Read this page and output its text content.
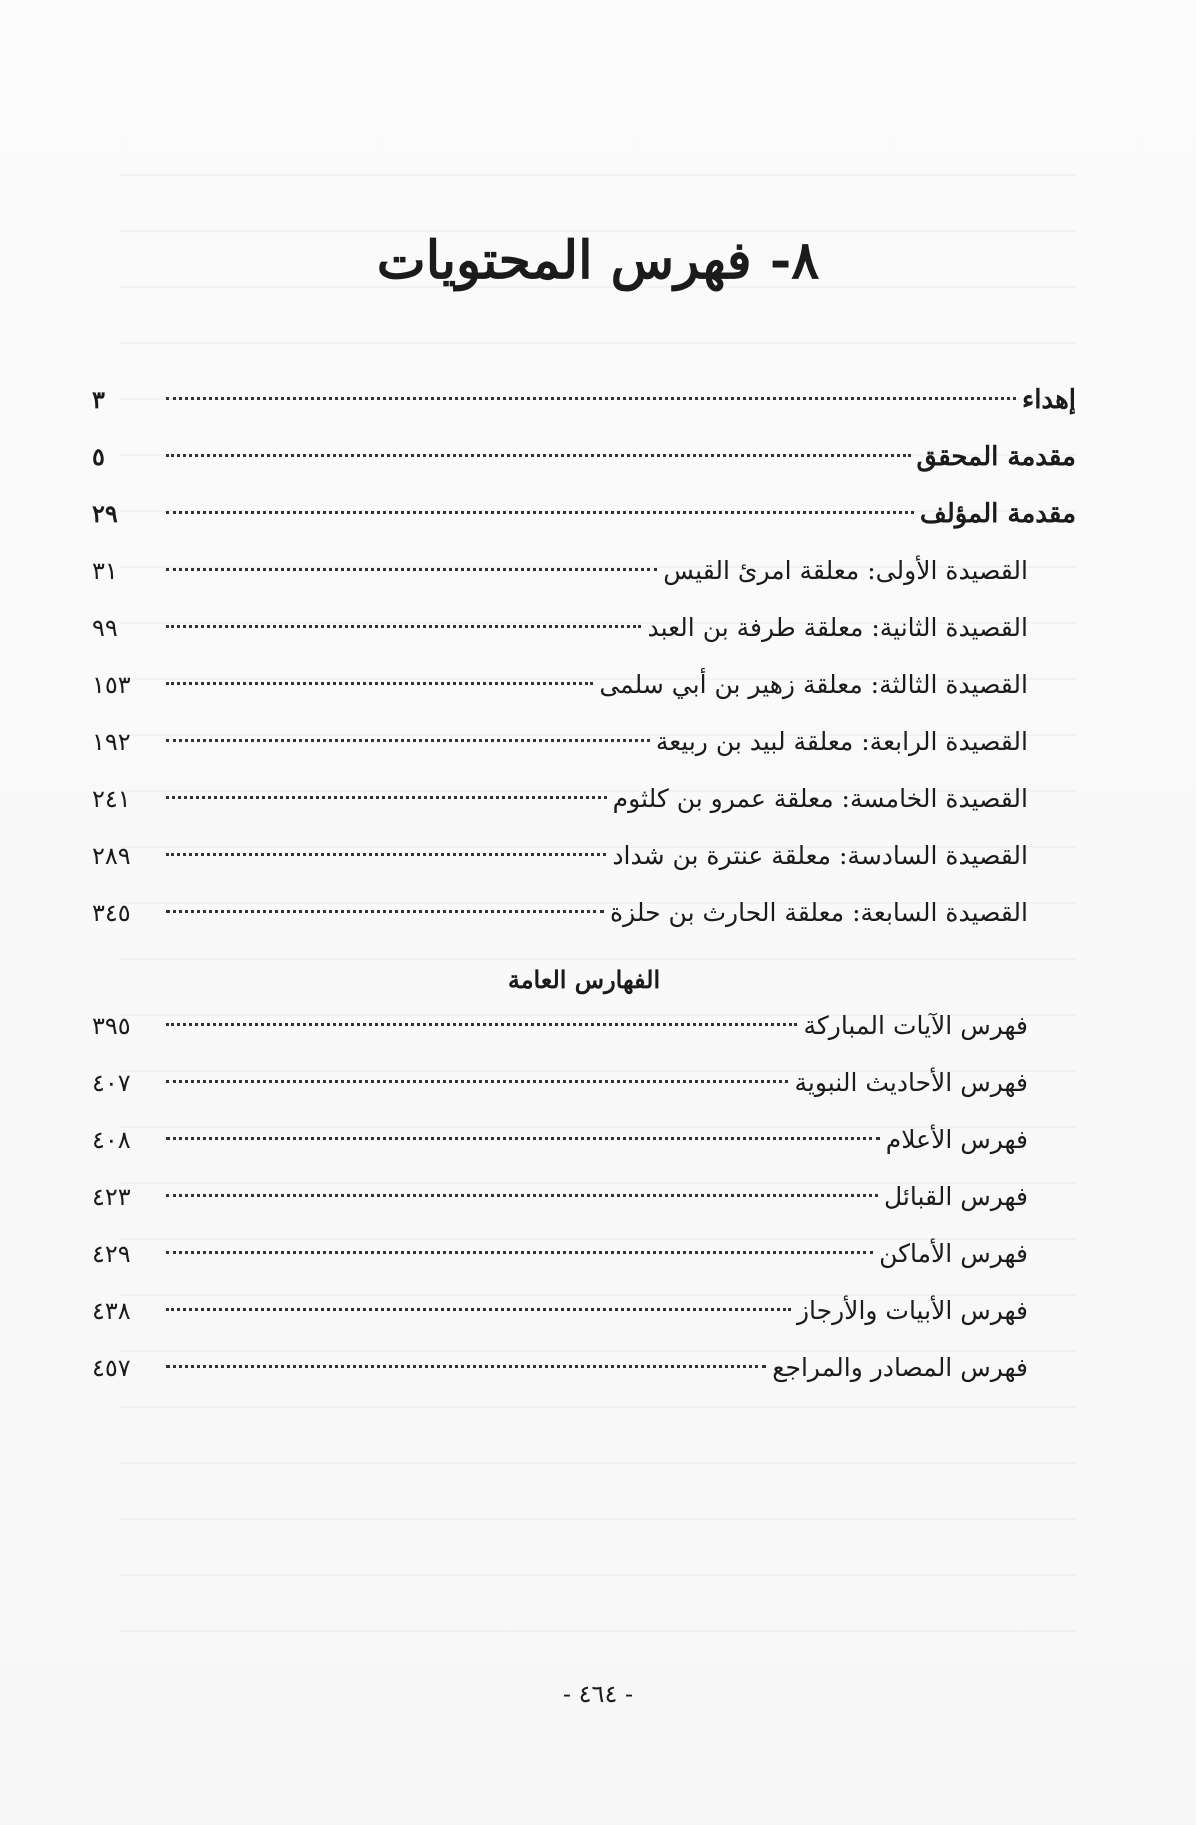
٨- فهرس المحتويات
إهداء
٣
مقدمة المحقق
٥
مقدمة المؤلف
٢٩
القصيدة الأولى: معلقة امرئ القيس
٣١
القصيدة الثانية: معلقة طرفة بن العبد
٩٩
القصيدة الثالثة: معلقة زهير بن أبي سلمى
١٥٣
القصيدة الرابعة: معلقة لبيد بن ربيعة
١٩٢
القصيدة الخامسة: معلقة عمرو بن كلثوم
٢٤١
القصيدة السادسة: معلقة عنترة بن شداد
٢٨٩
القصيدة السابعة: معلقة الحارث بن حلزة
٣٤٥
الفهارس العامة
فهرس الآيات المباركة
٣٩٥
فهرس الأحاديث النبوية
٤٠٧
فهرس الأعلام
٤٠٨
فهرس القبائل
٤٢٣
فهرس الأماكن
٤٢٩
فهرس الأبيات والأرجاز
٤٣٨
فهرس المصادر والمراجع
٤٥٧
- ٤٦٤ -
